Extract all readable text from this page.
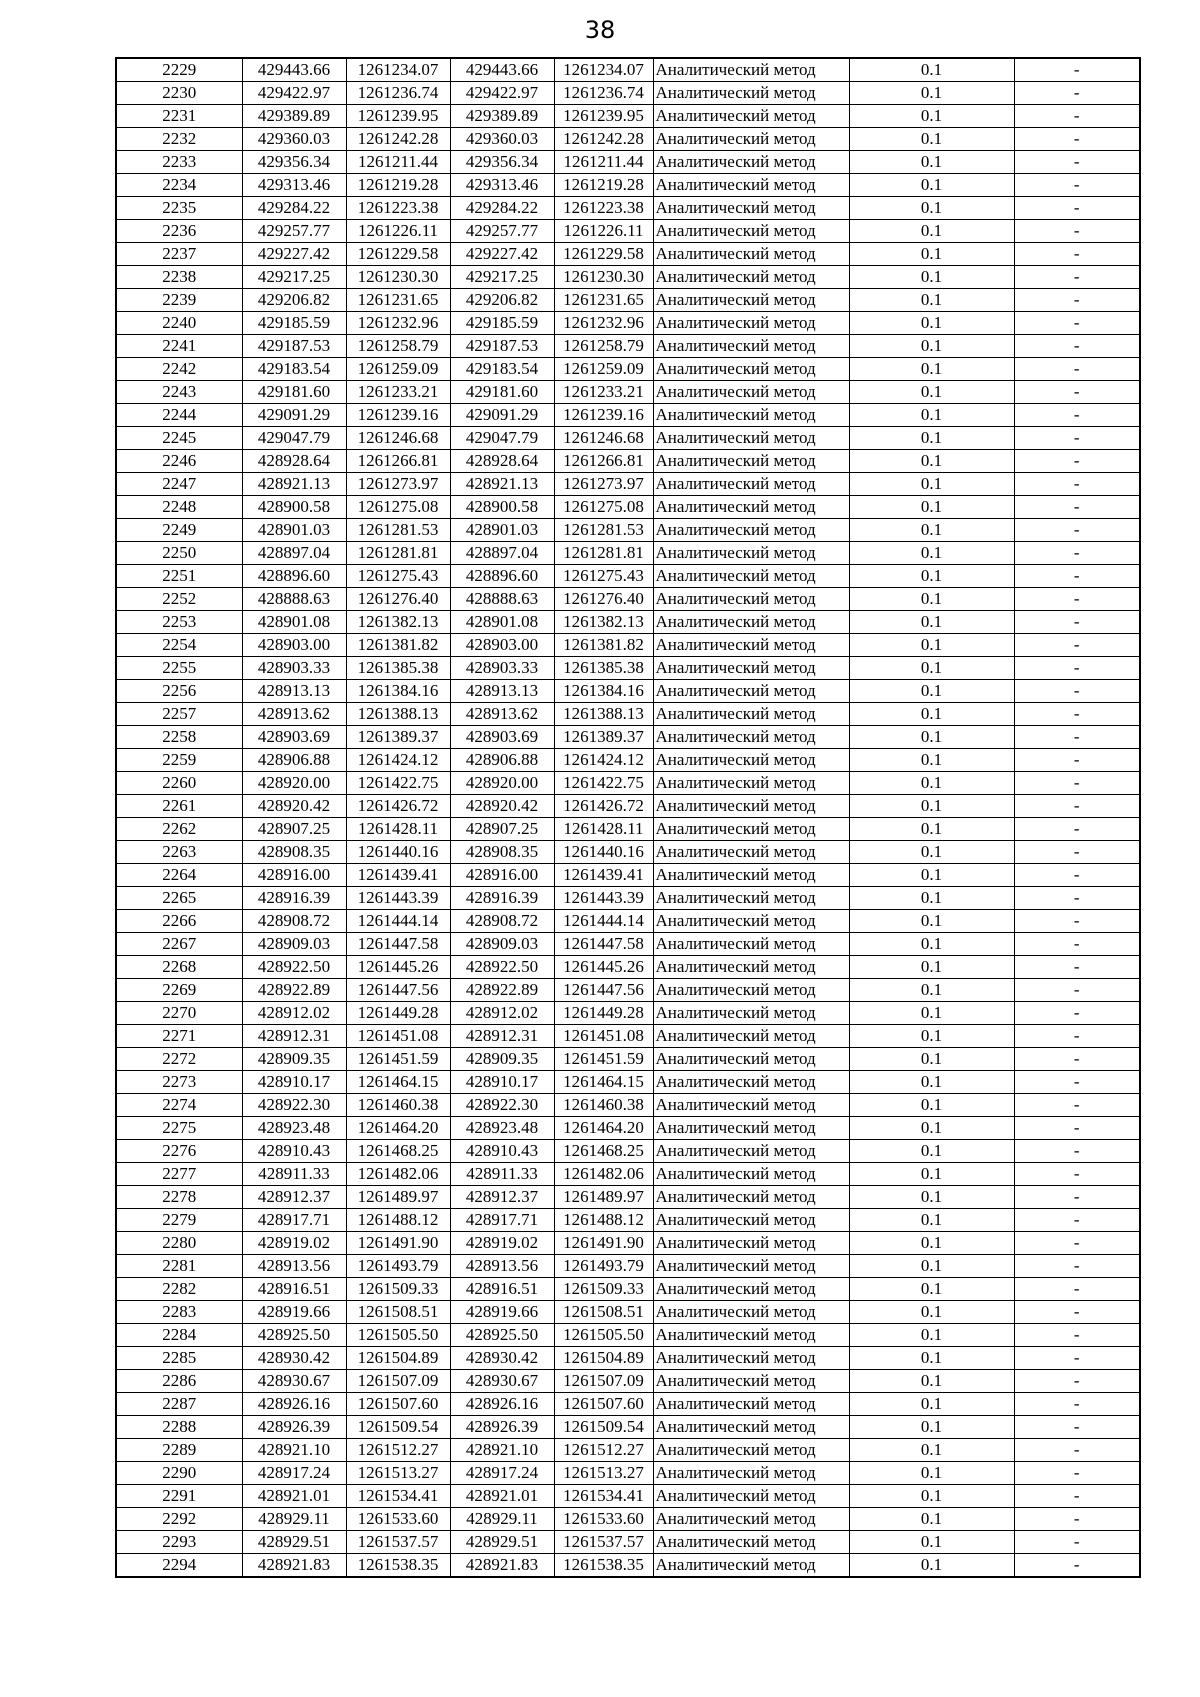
38
2229	429443.66	1261234.07	429443.66	1261234.07	Аналитический метод	0.1	-
2230	429422.97	1261236.74	429422.97	1261236.74	Аналитический метод	0.1	-
2231	429389.89	1261239.95	429389.89	1261239.95	Аналитический метод	0.1	-
2232	429360.03	1261242.28	429360.03	1261242.28	Аналитический метод	0.1	-
2233	429356.34	1261211.44	429356.34	1261211.44	Аналитический метод	0.1	-
2234	429313.46	1261219.28	429313.46	1261219.28	Аналитический метод	0.1	-
2235	429284.22	1261223.38	429284.22	1261223.38	Аналитический метод	0.1	-
2236	429257.77	1261226.11	429257.77	1261226.11	Аналитический метод	0.1	-
2237	429227.42	1261229.58	429227.42	1261229.58	Аналитический метод	0.1	-
2238	429217.25	1261230.30	429217.25	1261230.30	Аналитический метод	0.1	-
2239	429206.82	1261231.65	429206.82	1261231.65	Аналитический метод	0.1	-
2240	429185.59	1261232.96	429185.59	1261232.96	Аналитический метод	0.1	-
2241	429187.53	1261258.79	429187.53	1261258.79	Аналитический метод	0.1	-
2242	429183.54	1261259.09	429183.54	1261259.09	Аналитический метод	0.1	-
2243	429181.60	1261233.21	429181.60	1261233.21	Аналитический метод	0.1	-
2244	429091.29	1261239.16	429091.29	1261239.16	Аналитический метод	0.1	-
2245	429047.79	1261246.68	429047.79	1261246.68	Аналитический метод	0.1	-
2246	428928.64	1261266.81	428928.64	1261266.81	Аналитический метод	0.1	-
2247	428921.13	1261273.97	428921.13	1261273.97	Аналитический метод	0.1	-
2248	428900.58	1261275.08	428900.58	1261275.08	Аналитический метод	0.1	-
2249	428901.03	1261281.53	428901.03	1261281.53	Аналитический метод	0.1	-
2250	428897.04	1261281.81	428897.04	1261281.81	Аналитический метод	0.1	-
2251	428896.60	1261275.43	428896.60	1261275.43	Аналитический метод	0.1	-
2252	428888.63	1261276.40	428888.63	1261276.40	Аналитический метод	0.1	-
2253	428901.08	1261382.13	428901.08	1261382.13	Аналитический метод	0.1	-
2254	428903.00	1261381.82	428903.00	1261381.82	Аналитический метод	0.1	-
2255	428903.33	1261385.38	428903.33	1261385.38	Аналитический метод	0.1	-
2256	428913.13	1261384.16	428913.13	1261384.16	Аналитический метод	0.1	-
2257	428913.62	1261388.13	428913.62	1261388.13	Аналитический метод	0.1	-
2258	428903.69	1261389.37	428903.69	1261389.37	Аналитический метод	0.1	-
2259	428906.88	1261424.12	428906.88	1261424.12	Аналитический метод	0.1	-
2260	428920.00	1261422.75	428920.00	1261422.75	Аналитический метод	0.1	-
2261	428920.42	1261426.72	428920.42	1261426.72	Аналитический метод	0.1	-
2262	428907.25	1261428.11	428907.25	1261428.11	Аналитический метод	0.1	-
2263	428908.35	1261440.16	428908.35	1261440.16	Аналитический метод	0.1	-
2264	428916.00	1261439.41	428916.00	1261439.41	Аналитический метод	0.1	-
2265	428916.39	1261443.39	428916.39	1261443.39	Аналитический метод	0.1	-
2266	428908.72	1261444.14	428908.72	1261444.14	Аналитический метод	0.1	-
2267	428909.03	1261447.58	428909.03	1261447.58	Аналитический метод	0.1	-
2268	428922.50	1261445.26	428922.50	1261445.26	Аналитический метод	0.1	-
2269	428922.89	1261447.56	428922.89	1261447.56	Аналитический метод	0.1	-
2270	428912.02	1261449.28	428912.02	1261449.28	Аналитический метод	0.1	-
2271	428912.31	1261451.08	428912.31	1261451.08	Аналитический метод	0.1	-
2272	428909.35	1261451.59	428909.35	1261451.59	Аналитический метод	0.1	-
2273	428910.17	1261464.15	428910.17	1261464.15	Аналитический метод	0.1	-
2274	428922.30	1261460.38	428922.30	1261460.38	Аналитический метод	0.1	-
2275	428923.48	1261464.20	428923.48	1261464.20	Аналитический метод	0.1	-
2276	428910.43	1261468.25	428910.43	1261468.25	Аналитический метод	0.1	-
2277	428911.33	1261482.06	428911.33	1261482.06	Аналитический метод	0.1	-
2278	428912.37	1261489.97	428912.37	1261489.97	Аналитический метод	0.1	-
2279	428917.71	1261488.12	428917.71	1261488.12	Аналитический метод	0.1	-
2280	428919.02	1261491.90	428919.02	1261491.90	Аналитический метод	0.1	-
2281	428913.56	1261493.79	428913.56	1261493.79	Аналитический метод	0.1	-
2282	428916.51	1261509.33	428916.51	1261509.33	Аналитический метод	0.1	-
2283	428919.66	1261508.51	428919.66	1261508.51	Аналитический метод	0.1	-
2284	428925.50	1261505.50	428925.50	1261505.50	Аналитический метод	0.1	-
2285	428930.42	1261504.89	428930.42	1261504.89	Аналитический метод	0.1	-
2286	428930.67	1261507.09	428930.67	1261507.09	Аналитический метод	0.1	-
2287	428926.16	1261507.60	428926.16	1261507.60	Аналитический метод	0.1	-
2288	428926.39	1261509.54	428926.39	1261509.54	Аналитический метод	0.1	-
2289	428921.10	1261512.27	428921.10	1261512.27	Аналитический метод	0.1	-
2290	428917.24	1261513.27	428917.24	1261513.27	Аналитический метод	0.1	-
2291	428921.01	1261534.41	428921.01	1261534.41	Аналитический метод	0.1	-
2292	428929.11	1261533.60	428929.11	1261533.60	Аналитический метод	0.1	-
2293	428929.51	1261537.57	428929.51	1261537.57	Аналитический метод	0.1	-
2294	428921.83	1261538.35	428921.83	1261538.35	Аналитический метод	0.1	-
